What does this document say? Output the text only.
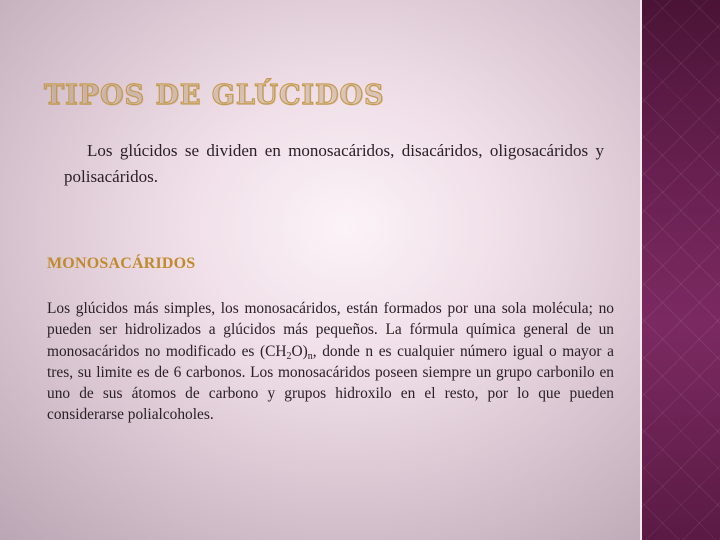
TIPOS DE GLÚCIDOS

Los glúcidos se dividen en monosacáridos, disacáridos, oligosacáridos y polisacáridos.

MONOSACÁRIDOS

Los glúcidos más simples, los monosacáridos, están formados por una sola molécula; no pueden ser hidrolizados a glúcidos más pequeños. La fórmula química general de un monosacáridos no modificado es $(CH_2O)_n$, donde n es cualquier número igual o mayor a tres, su limite es de 6 carbonos. Los monosacáridos poseen siempre un grupo carbonilo en uno de sus átomos de carbono y grupos hidroxilo en el resto, por lo que pueden considerarse polialcoholes.
